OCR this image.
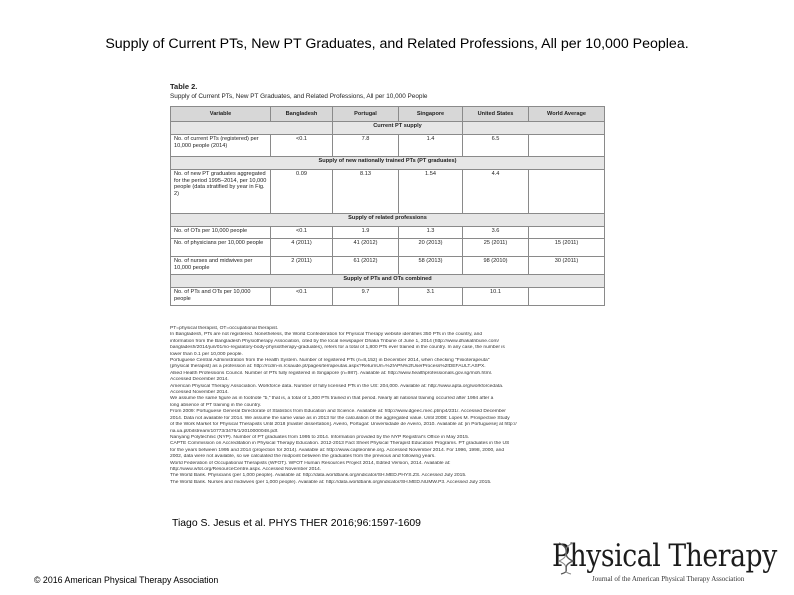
Supply of Current PTs, New PT Graduates, and Related Professions, All per 10,000 Peoplea.
Table 2.
Supply of Current PTs, New PT Graduates, and Related Professions, All per 10,000 People
Variable	Bangladesh	Portugal	Singapore	United States	World Average
		Current PT supply			
No. of current PTs (registered) per 10,000 people (2014)	<0.1	7.8	1.4	6.5	
Supply of new nationally trained PTs (PT graduates)					
No. of new PT graduates aggregated for the period 1995–2014, per 10,000 people (data stratified by year in Fig. 2)	0.09	8.13	1.54	4.4	
Supply of related professions					
No. of OTs per 10,000 people	<0.1	1.9	1.3	3.6	
No. of physicians per 10,000 people	4 (2011)	41 (2012)	20 (2013)	25 (2011)	15 (2011)
No. of nurses and midwives per 10,000 people	2 (2011)	61 (2012)	58 (2013)	98 (2010)	30 (2011)
Supply of PTs and OTs combined					
No. of PTs and OTs per 10,000 people	<0.1	9.7	3.1	10.1	
PT=physical therapist, OT=occupational therapist.
In Bangladesh, PTs are not registered. Nonetheless, the World Confederation for Physical Therapy website identifies 350 PTs in the country, and
information from the Bangladesh Physiotherapy Association, cited by the local newspaper Dhaka Tribune of June 1, 2014 (http://www.dhakatribune.com/
bangladesh/2014/jun/01/no-regulatory-body-physiotherapy-graduates), refers for a total of 1,800 PTs ever trained in the country. In any case, the number is
lower than 0.1 per 10,000 people.
Portuguese Central Administration from the Health System. Number of registered PTs (n=8,152) in December 2014, when checking "Fisioterapeuta"
(physical therapist) as a profession at: http://rcdm-in.rcsaude.pt/pages/terrapeutas.aspx?ReturnUrl=%2fAPN%2fUserProcess%2fDEFAULT.ASPX.
Allied Health Professions Council. Number of PTs fully registered in Singapore (n=987). Available at: http://www.healthprofessionals.gov.sg/moh.html.
Accessed December 2014.
American Physical Therapy Association. Workforce data. Number of fully licensed PTs in the US: 204,000. Available at: http://www.apta.org/workforcedata.
Accessed November 2014.
We assume the same figure as in footnote "b," that is, a total of 1,300 PTs trained in that period. Nearly all national training occurred after 1994 after a
long absence of PT training in the country.
From 2009: Portuguese General Directorate of Statistics from Education and Science. Available at: http://www.dgeec.mec.pt/np4/231/. Accessed December
2014. Data not available for 2014. We assume the same value as in 2013 for the calculation of the aggregated value. Until 2008: Lopes M. Prospective Study
of the Work Market for Physical Therapists Until 2018 [master dissertation]. Aveiro, Portugal: Universidade de Aveiro, 2010. Available at: [in Portuguese] at http://
ria.ua.pt/bitstream/10773/3476/1/2010000048.pdf.
Nanyang Polytechnic (NYP). Number of PT graduates from 1995 to 2014. Information provided by the NYP Registrar's Office in May 2015.
CAPTE Commission on Accreditation in Physical Therapy Education. 2012-2013 Fact Sheet Physical Therapist Education Programs. PT graduates in the US
for the years between 1995 and 2014 (projection for 2014). Available at: http://www.capteonline.org. Accessed November 2014. For 1996, 1998, 2000, and
2002, data were not available, so we calculated the midpoint between the graduates from the previous and following years.
World Federation of Occupational Therapists (WFOT). WFOT Human Resources Project 2014, Edited Version, 2014. Available at:
http://www.wfot.org/ResourceCentre.aspx. Accessed November 2014.
The World Bank. Physicians (per 1,000 people). Available at: http://data.worldbank.org/indicator/SH.MED.PHYS.ZS. Accessed July 2015.
The World Bank. Nurses and midwives (per 1,000 people). Available at: http://data.worldbank.org/indicator/SH.MED.NUMW.P3. Accessed July 2015.
Tiago S. Jesus et al. PHYS THER 2016;96:1597-1609
© 2016 American Physical Therapy Association
Physical Therapy
Journal of the American Physical Therapy Association
